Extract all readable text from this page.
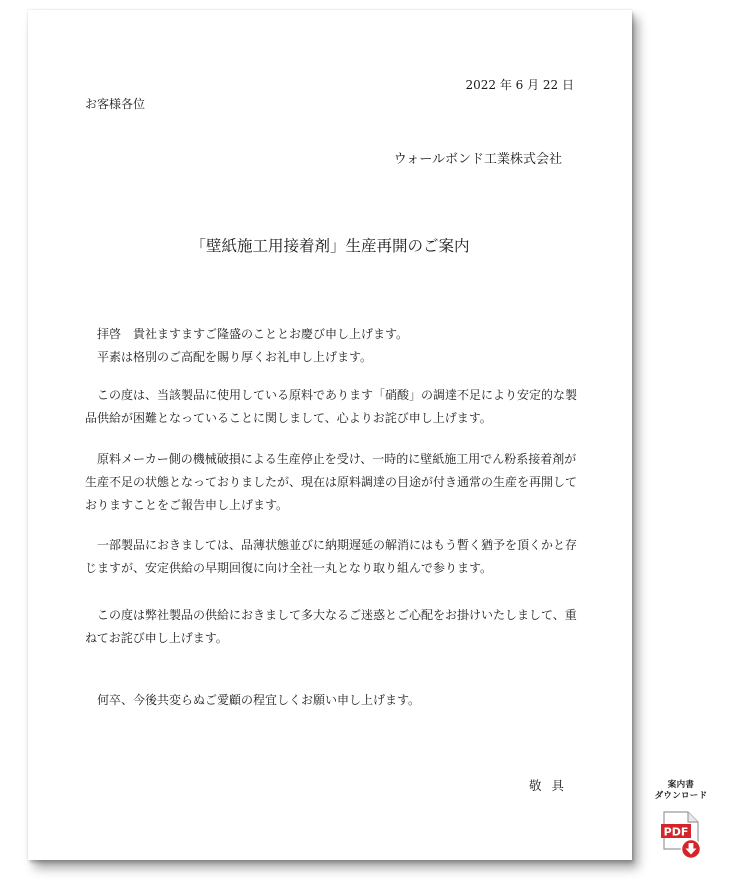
2022 年 6 月 22 日
お客様各位
ウォールボンド工業株式会社
「壁紙施工用接着剤」生産再開のご案内
　拝啓　貴社ますますご隆盛のこととお慶び申し上げます。
　平素は格別のご高配を賜り厚くお礼申し上げます。
　この度は、当該製品に使用している原料であります「硝酸」の調達不足により安定的な製
品供給が困難となっていることに関しまして、心よりお詫び申し上げます。
　原料メーカー側の機械破損による生産停止を受け、一時的に壁紙施工用でん粉系接着剤が
生産不足の状態となっておりましたが、現在は原料調達の目途が付き通常の生産を再開して
おりますことをご報告申し上げます。
　一部製品におきましては、品薄状態並びに納期遅延の解消にはもう暫く猶予を頂くかと存
じますが、安定供給の早期回復に向け全社一丸となり取り組んで参ります。
　この度は弊社製品の供給におきまして多大なるご迷惑とご心配をお掛けいたしまして、重
ねてお詫び申し上げます。
　何卒、今後共変らぬご愛顧の程宜しくお願い申し上げます。
敬具	案内書
ダウンロード
PDF
